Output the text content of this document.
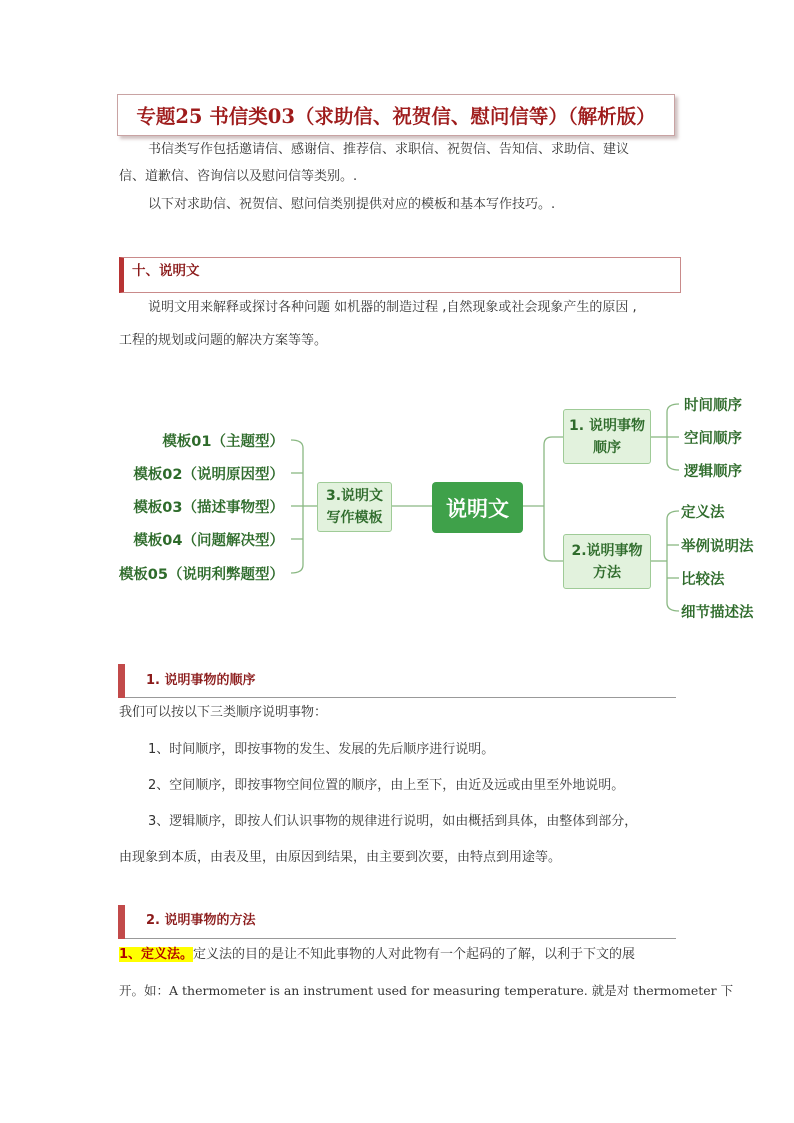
专题25 书信类03（求助信、祝贺信、慰问信等）（解析版）
书信类写作包括邀请信、感谢信、推荐信、求职信、祝贺信、告知信、求助信、建议
信、道歉信、咨询信以及慰问信等类别。.
以下对求助信、祝贺信、慰问信类别提供对应的模板和基本写作技巧。.
十、说明文
说明文用来解释或探讨各种问题 如机器的制造过程 ,自然现象或社会现象产生的原因 ,
工程的规划或问题的解决方案等等。
模板01（主题型）
模板02（说明原因型）
模板03（描述事物型）
模板04（问题解决型）
模板05（说明利弊题型）
3.说明文
写作模板	说明文
1. 说明事物
顺序
时间顺序
空间顺序
逻辑顺序
2.说明事物
方法
定义法
举例说明法
比较法
细节描述法
1. 说明事物的顺序
我们可以按以下三类顺序说明事物：
1、时间顺序，即按事物的发生、发展的先后顺序进行说明。
2、空间顺序，即按事物空间位置的顺序，由上至下，由近及远或由里至外地说明。
3、逻辑顺序，即按人们认识事物的规律进行说明，如由概括到具体，由整体到部分，
由现象到本质，由表及里，由原因到结果，由主要到次要，由特点到用途等。
2. 说明事物的方法
1、定义法。定义法的目的是让不知此事物的人对此物有一个起码的了解，以利于下文的展
开。如：A thermometer is an instrument used for measuring temperature. 就是对 thermometer 下
